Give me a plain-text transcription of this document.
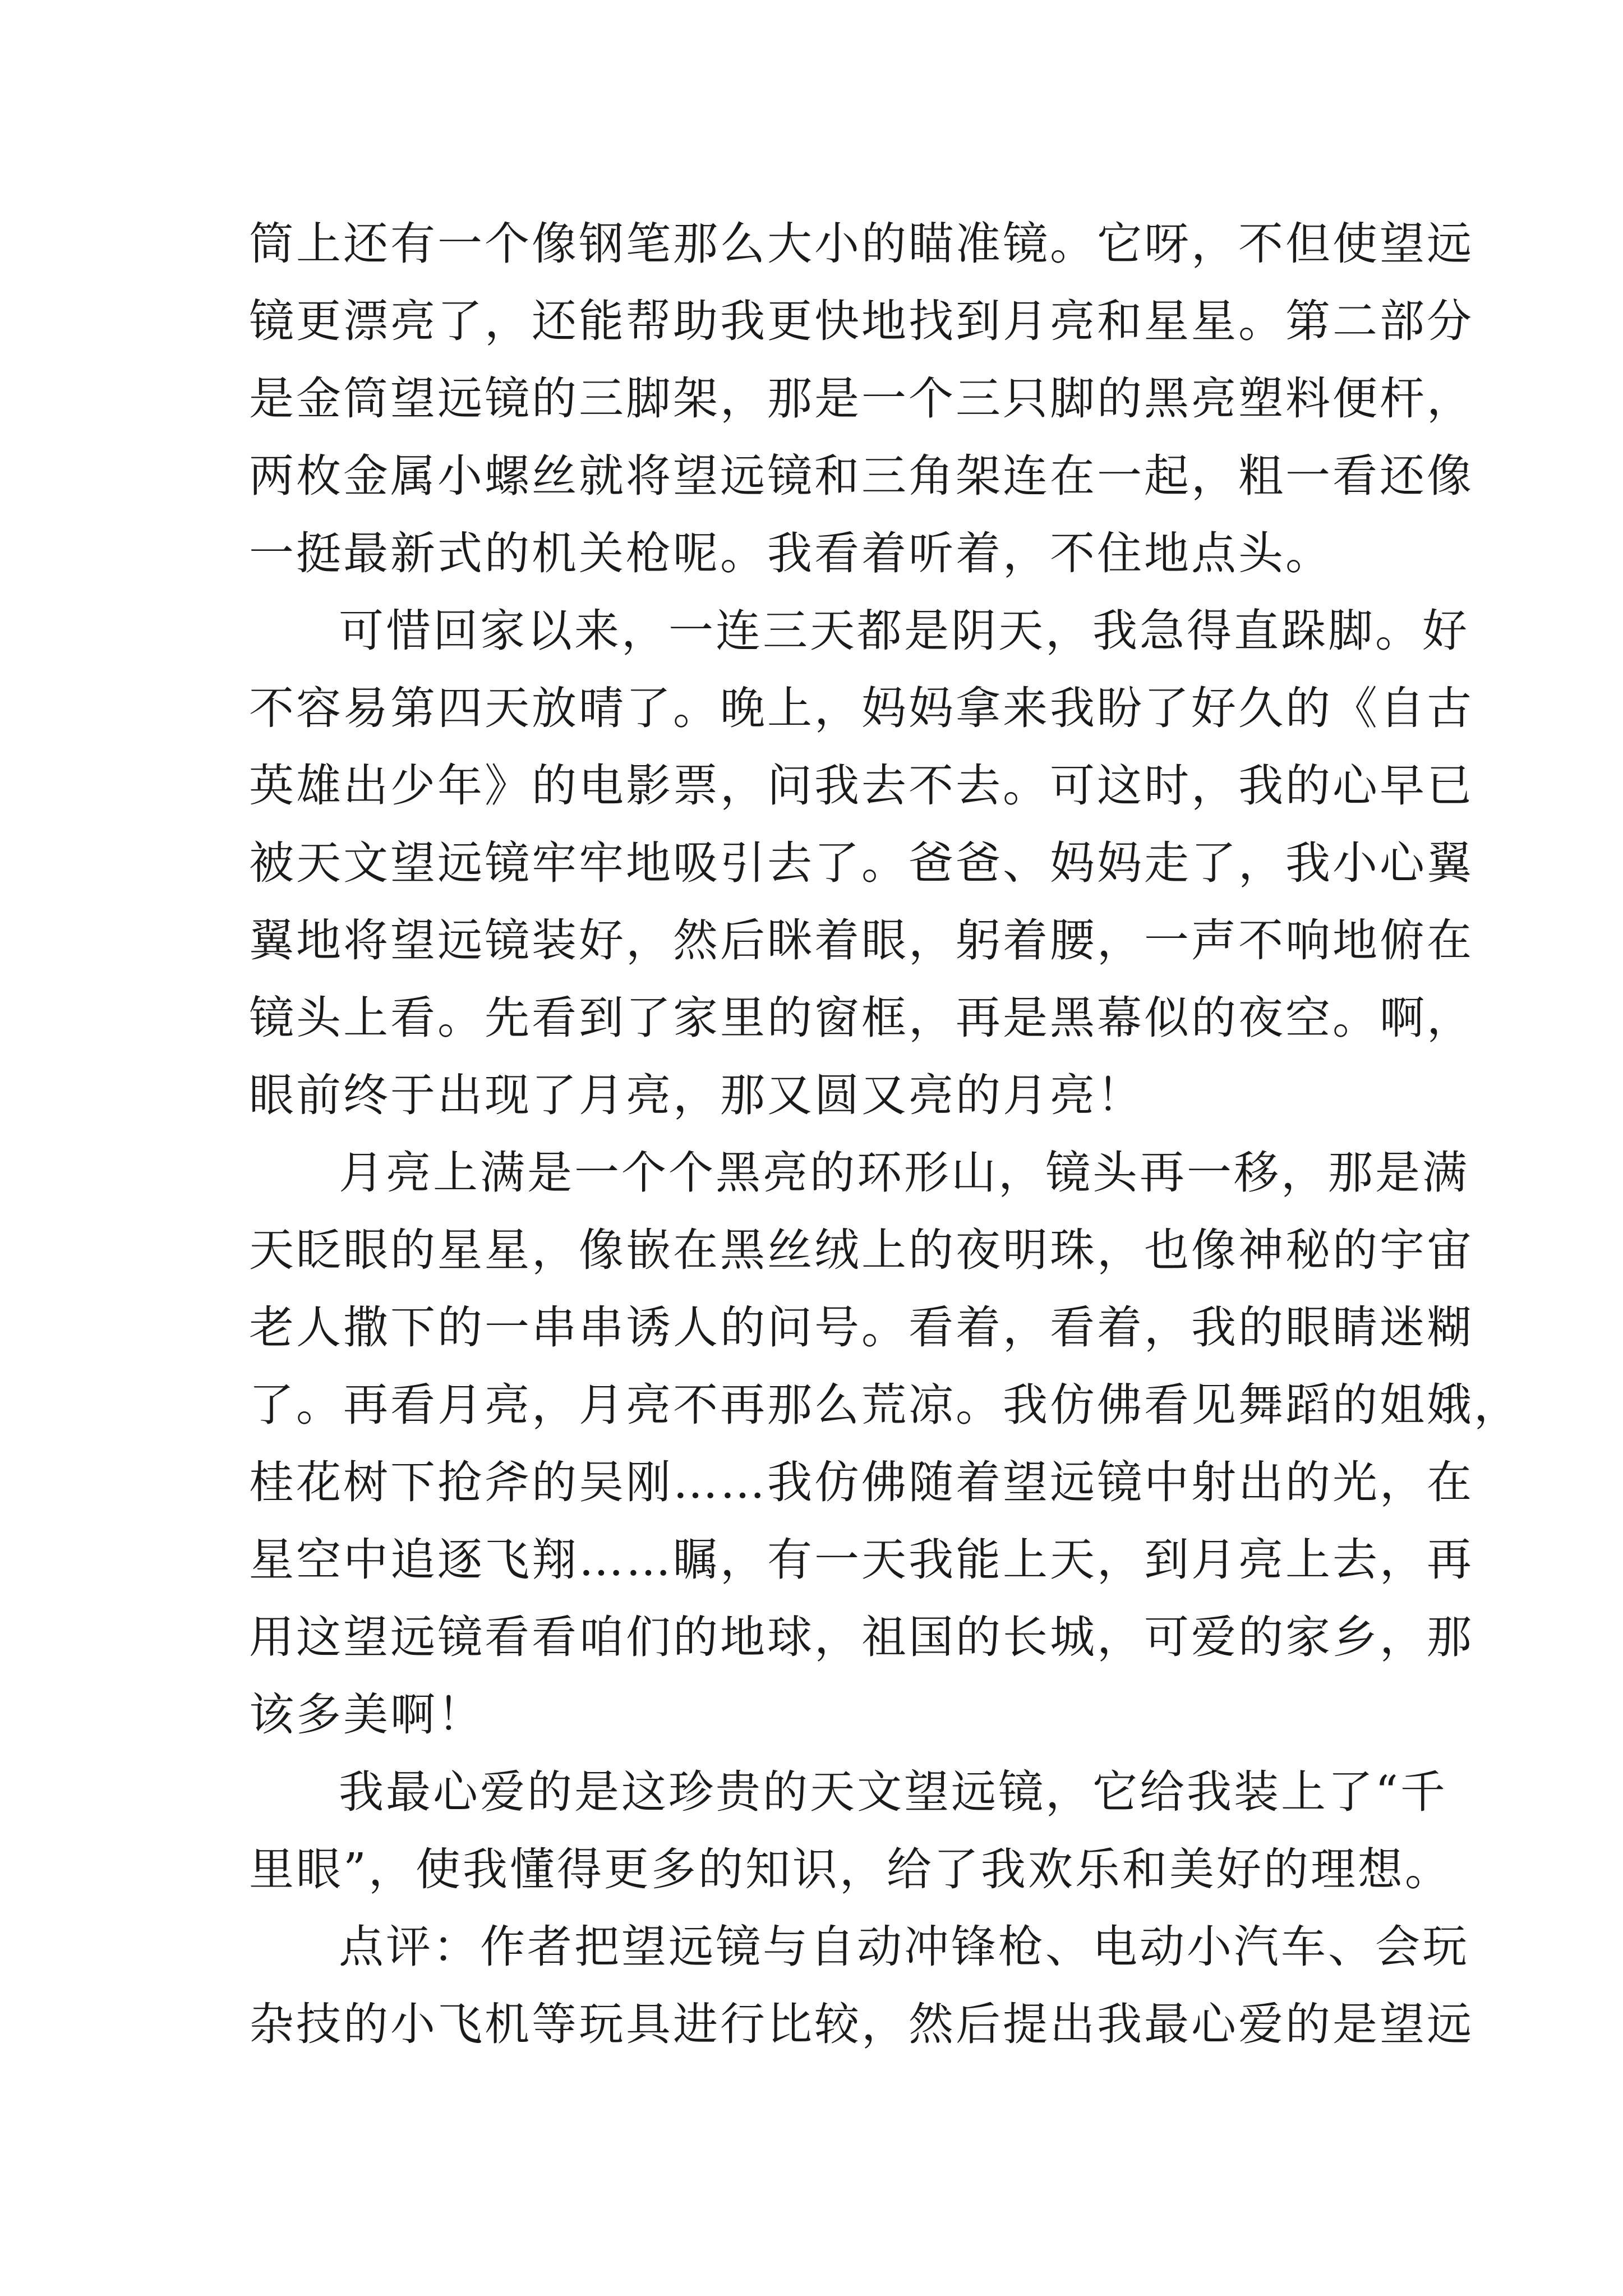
筒上还有一个像钢笔那么大小的瞄准镜。它呀，不但使望远
镜更漂亮了，还能帮助我更快地找到月亮和星星。第二部分
是金筒望远镜的三脚架，那是一个三只脚的黑亮塑料便杆，
两枚金属小螺丝就将望远镜和三角架连在一起，粗一看还像
一挺最新式的机关枪呢。我看着听着，不住地点头。
可惜回家以来，一连三天都是阴天，我急得直跺脚。好
不容易第四天放晴了。晚上，妈妈拿来我盼了好久的《自古
英雄出少年》的电影票，问我去不去。可这时，我的心早已
被天文望远镜牢牢地吸引去了。爸爸、妈妈走了，我小心翼
翼地将望远镜装好，然后眯着眼，躬着腰，一声不响地俯在
镜头上看。先看到了家里的窗框，再是黑幕似的夜空。啊，
眼前终于出现了月亮，那又圆又亮的月亮！
月亮上满是一个个黑亮的环形山，镜头再一移，那是满
天眨眼的星星，像嵌在黑丝绒上的夜明珠，也像神秘的宇宙
老人撒下的一串串诱人的问号。看着，看着，我的眼睛迷糊
了。再看月亮，月亮不再那么荒凉。我仿佛看见舞蹈的姐娥，
桂花树下抢斧的吴刚……我仿佛随着望远镜中射出的光，在
星空中追逐飞翔……瞩，有一天我能上天，到月亮上去，再
用这望远镜看看咱们的地球，祖国的长城，可爱的家乡，那
该多美啊！
我最心爱的是这珍贵的天文望远镜，它给我装上了“千
里眼”，使我懂得更多的知识，给了我欢乐和美好的理想。
点评：作者把望远镜与自动冲锋枪、电动小汽车、会玩
杂技的小飞机等玩具进行比较，然后提出我最心爱的是望远
